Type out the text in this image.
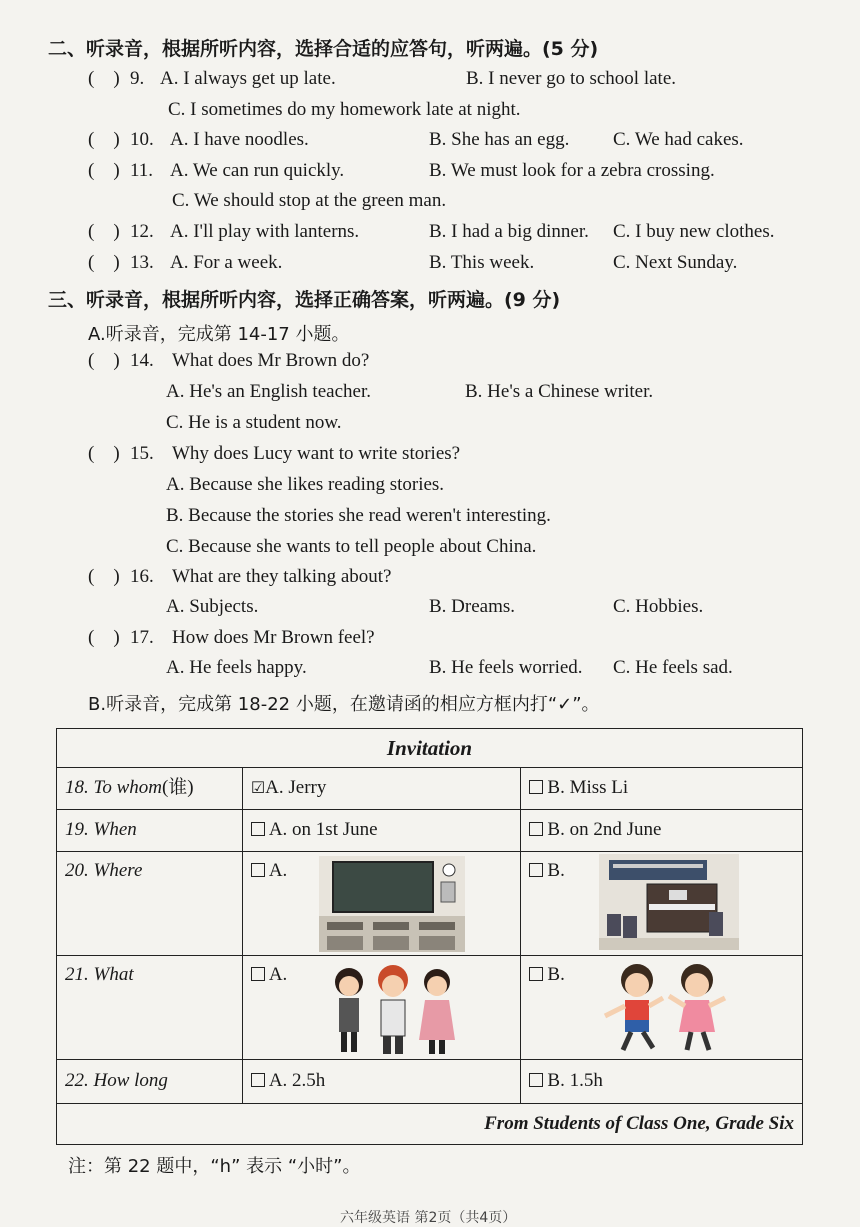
二、听录音，根据所听内容，选择合适的应答句，听两遍。(5 分)
(    ) 9. A. I always get up late.	B. I never go to school late.
C. I sometimes do my homework late at night.
(    ) 10. A. I have noodles.	B. She has an egg. C. We had cakes.
(    ) 11. A. We can run quickly.	B. We must look for a zebra crossing.
C. We should stop at the green man.
(    ) 12. A. I'll play with lanterns.	B. I had a big dinner. C. I buy new clothes.
(    ) 13. A. For a week.	B. This week.	C. Next Sunday.
三、听录音，根据所听内容，选择正确答案，听两遍。(9 分)
A.听录音，完成第 14-17 小题。
(    ) 14. What does Mr Brown do?
A. He's an English teacher.	B. He's a Chinese writer.
C. He is a student now.
(    ) 15. Why does Lucy want to write stories?
A. Because she likes reading stories.
B. Because the stories she read weren't interesting.
C. Because she wants to tell people about China.
(    ) 16. What are they talking about?
A. Subjects.	B. Dreams.	C. Hobbies.
(    ) 17. How does Mr Brown feel?
A. He feels happy.	B. He feels worried. C. He feels sad.
B.听录音，完成第 18-22 小题，在邀请函的相应方框内打“✓”。
Invitation		
18. To whom(谁)	☑A. Jerry	B. Miss Li
19. When	A. on 1st June	B. on 2nd June
20. Where	A.	B.

21. What	A.	B.

22. How long	A. 2.5h	B. 1.5h
From Students of Class One, Grade Six		
注：第 22 题中，“h” 表示 “小时”。
六年级英语 第2页（共4页）
